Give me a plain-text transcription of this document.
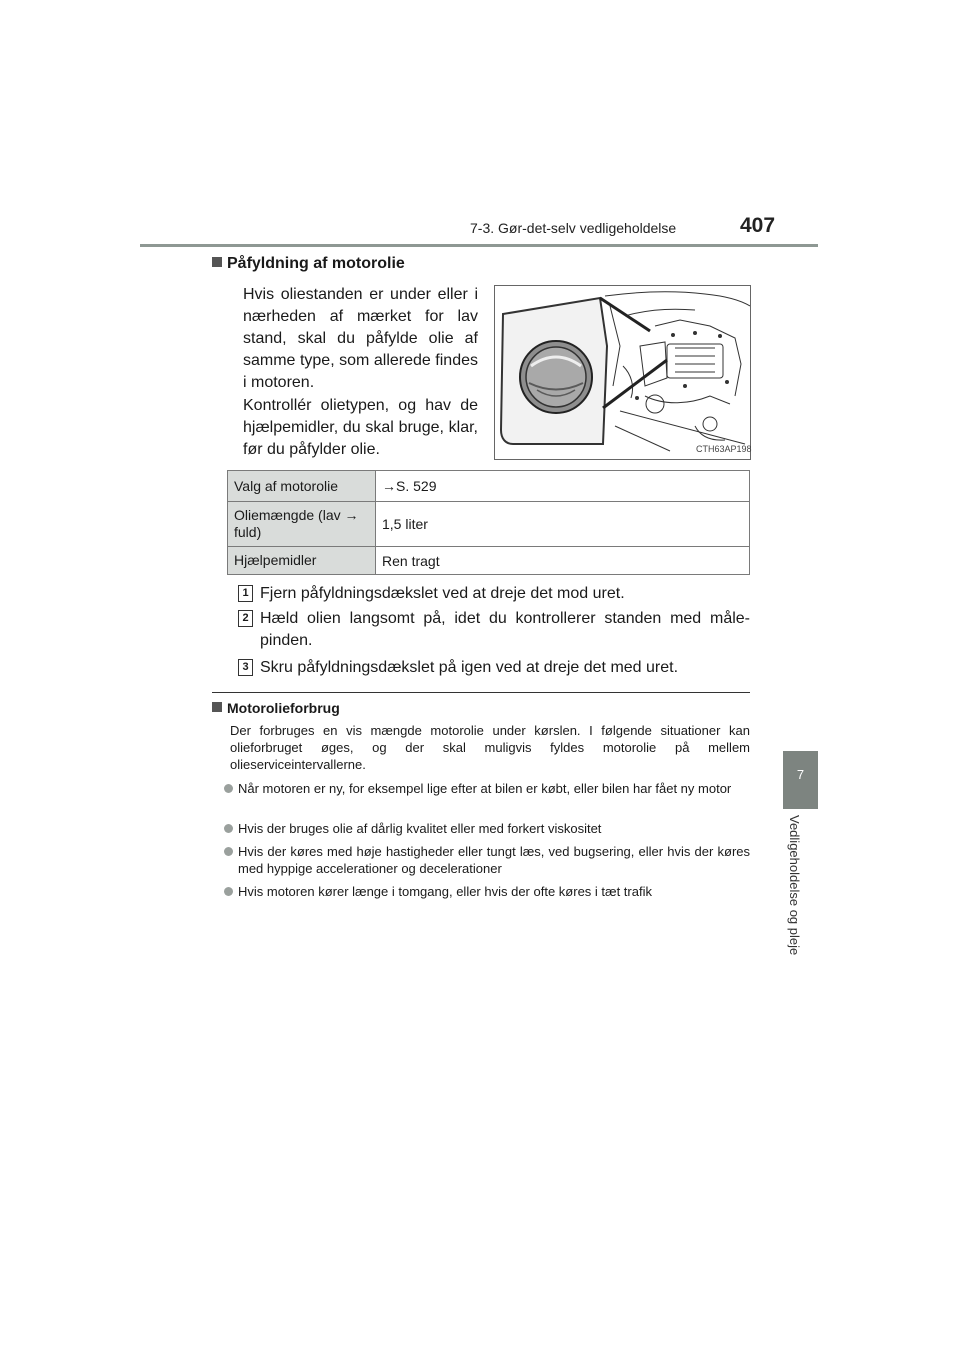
7-3. Gør-det-selv vedligeholdelse	407
7
Vedligeholdelse og pleje
Påfyldning af motorolie
Hvis oliestanden er under eller i nærheden af mærket for lav stand, skal du påfylde olie af samme type, som allerede findes i motoren.
Kontrollér olietypen, og hav de hjælpemidler, du skal bruge, klar, før du påfylder olie.	CTH63AP198
Valg af motorolie	→S. 529
Oliemængde (lav → fuld)	1,5 liter
Hjælpemidler	Ren tragt
1 Fjern påfyldningsdækslet ved at dreje det mod uret.
2 Hæld olien langsomt på, idet du kontrollerer standen med måle-pinden.
3 Skru påfyldningsdækslet på igen ved at dreje det med uret.
Motorolieforbrug
Der forbruges en vis mængde motorolie under kørslen. I følgende situationer kan olieforbruget øges, og der skal muligvis fyldes motorolie på mellem olieserviceintervallerne.
Når motoren er ny, for eksempel lige efter at bilen er købt, eller bilen har fået ny motor
Hvis der bruges olie af dårlig kvalitet eller med forkert viskositet
Hvis der køres med høje hastigheder eller tungt læs, ved bugsering, eller hvis der køres med hyppige accelerationer og decelerationer
Hvis motoren kører længe i tomgang, eller hvis der ofte køres i tæt trafik
